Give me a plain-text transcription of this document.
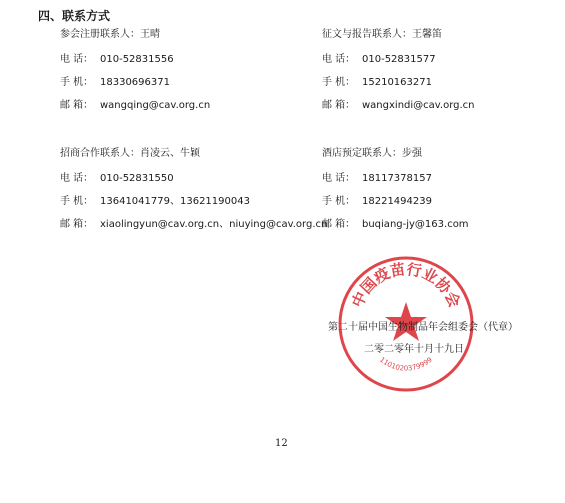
四、联系方式
参会注册联系人：王晴
电 话： 010-52831556
手 机： 18330696371
邮 箱： wangqing@cav.org.cn
征文与报告联系人：王馨笛
电 话： 010-52831577
手 机： 15210163271
邮 箱： wangxindi@cav.org.cn
招商合作联系人：肖凌云、牛颖
电 话： 010-52831550
手 机： 13641041779、13621190043
邮 箱： xiaolingyun@cav.org.cn、niuying@cav.org.cn
酒店预定联系人：步强
电 话： 18117378157
手 机： 18221494239
邮 箱： buqiang-jy@163.com
中国疫苗行业协会
1101020379999
第二十届中国生物制品年会组委会（代章）
二零二零年十月十九日
12
